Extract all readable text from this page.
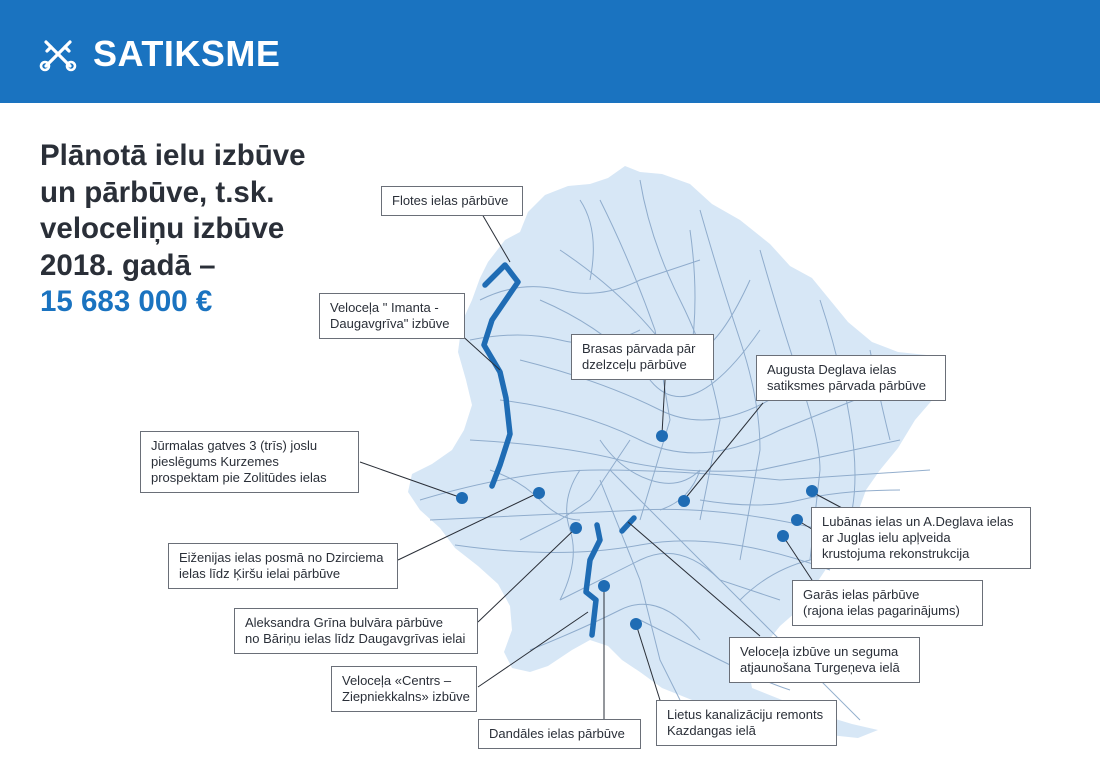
SATIKSME
Plānotā ielu izbūve
un pārbūve, t.sk.
veloceliņu izbūve
2018. gadā –
15 683 000 €
Flotes ielas pārbūve
Veloceļa " Imanta -
Daugavgrīva" izbūve
Brasas pārvada pār
dzelzceļu pārbūve	Augusta Deglava ielas
satiksmes pārvada pārbūve
Jūrmalas gatves 3 (trīs) joslu
pieslēgums Kurzemes
prospektam pie Zolitūdes ielas
Lubānas ielas un A.Deglava ielas
ar Juglas ielu apļveida
krustojuma rekonstrukcija
Eiženijas ielas posmā no Dzirciema
ielas līdz Ķiršu ielai pārbūve
Garās ielas pārbūve
(rajona ielas pagarinājums)
Aleksandra Grīna bulvāra pārbūve
no Bāriņu ielas līdz Daugavgrīvas ielai
Veloceļa izbūve un seguma
atjaunošana Turgeņeva ielā
Veloceļa «Centrs –
Ziepniekkalns» izbūve
Lietus kanalizāciju remonts
Kazdangas ielā
Dandāles ielas pārbūve
